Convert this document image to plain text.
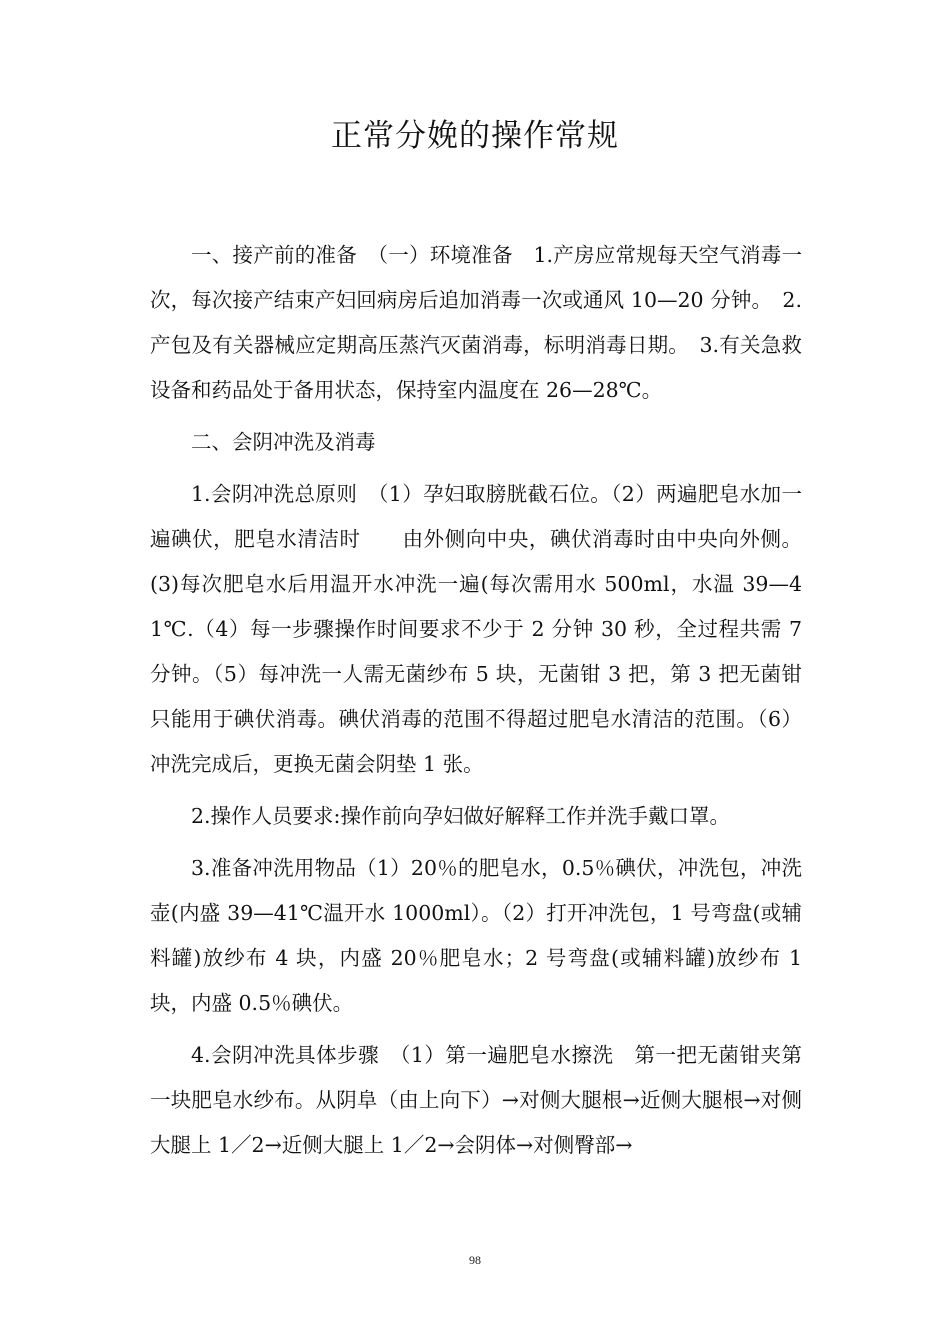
正常分娩的操作常规

一、接产前的准备　（一）环境准备　1.产房应常规每天空气消毒一次，每次接产结束产妇回病房后追加消毒一次或通风 10—20 分钟。　2.产包及有关器械应定期高压蒸汽灭菌消毒，标明消毒日期。　3.有关急救设备和药品处于备用状态，保持室内温度在 26—28℃。

二、会阴冲洗及消毒

1.会阴冲洗总原则　（1）孕妇取膀胱截石位。（2）两遍肥皂水加一遍碘伏，肥皂水清洁时　　由外侧向中央，碘伏消毒时由中央向外侧。(3)每次肥皂水后用温开水冲洗一遍(每次需用水 500ml，水温 39—41℃.（4）每一步骤操作时间要求不少于 2 分钟 30 秒，全过程共需 7 分钟。（5）每冲洗一人需无菌纱布 5 块，无菌钳 3 把，第 3 把无菌钳只能用于碘伏消毒。碘伏消毒的范围不得超过肥皂水清洁的范围。（6）冲洗完成后，更换无菌会阴垫 1 张。

2.操作人员要求:操作前向孕妇做好解释工作并洗手戴口罩。

3.准备冲洗用物品（1）20％的肥皂水，0.5％碘伏，冲洗包，冲洗壶(内盛 39—41℃温开水 1000ml）。（2）打开冲洗包，1 号弯盘(或辅料罐)放纱布 4 块，内盛 20％肥皂水；2 号弯盘(或辅料罐)放纱布 1 块，内盛 0.5％碘伏。

4.会阴冲洗具体步骤　（1）第一遍肥皂水擦洗　第一把无菌钳夹第一块肥皂水纱布。从阴阜（由上向下）→对侧大腿根→近侧大腿根→对侧大腿上 1／2→近侧大腿上 1／2→会阴体→对侧臀部→

98
